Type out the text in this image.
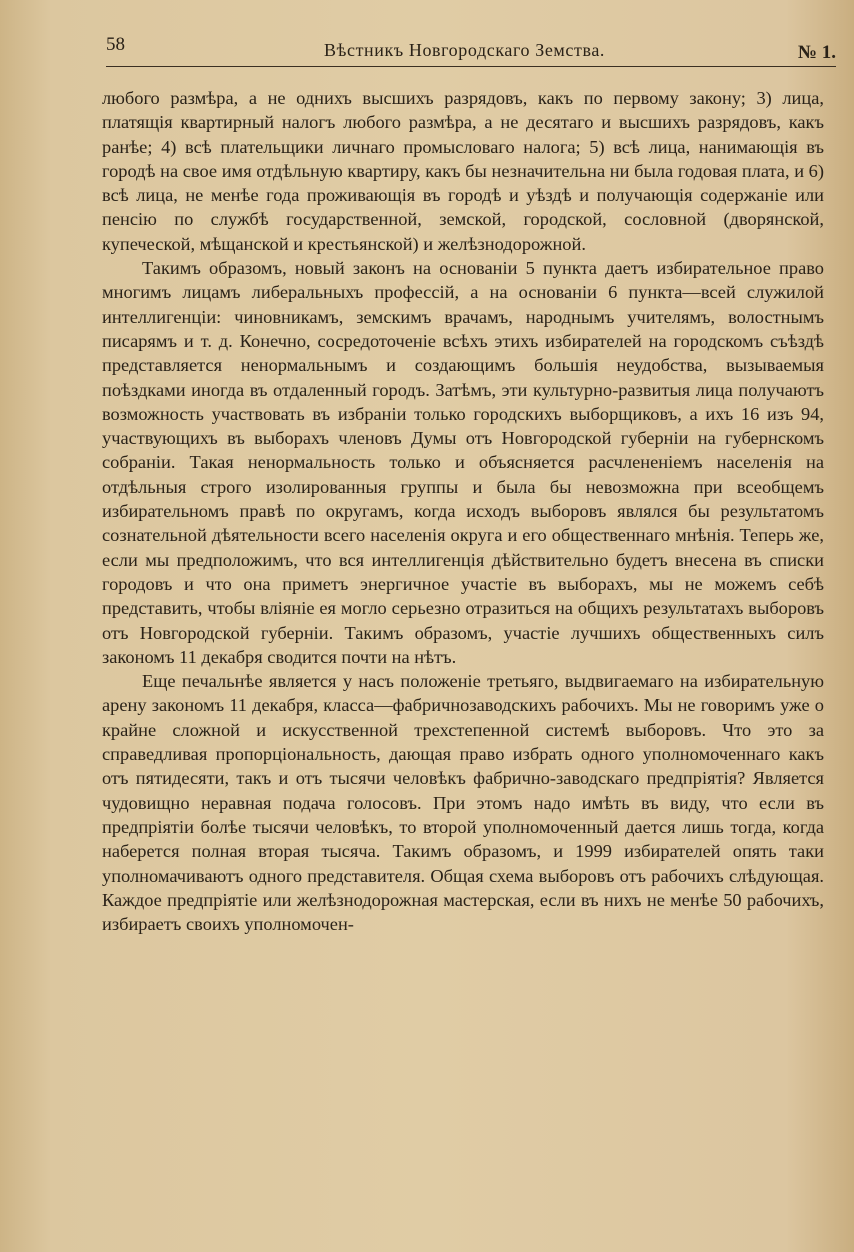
58	Вѣстникъ Новгородскаго Земства.	№ 1.

любого размѣра, а не однихъ высшихъ разрядовъ, какъ по первому закону; 3) лица, платящія квартирный налогъ любого размѣра, а не десятаго и высшихъ разрядовъ, какъ ранѣе; 4) всѣ плательщики личнаго промысловаго налога; 5) всѣ лица, нанимающія въ городѣ на свое имя отдѣльную квартиру, какъ бы незначительна ни была годовая плата, и 6) всѣ лица, не менѣе года проживающія въ городѣ и уѣздѣ и получающія содержаніе или пенсію по службѣ государственной, земской, городской, сословной (дворянской, купеческой, мѣщанской и крестьянской) и желѣзнодорожной.

Такимъ образомъ, новый законъ на основаніи 5 пункта даетъ избирательное право многимъ лицамъ либеральныхъ профессій, а на основаніи 6 пункта—всей служилой интеллигенціи: чиновникамъ, земскимъ врачамъ, народнымъ учителямъ, волостнымъ писарямъ и т. д. Конечно, сосредоточеніе всѣхъ этихъ избирателей на городскомъ съѣздѣ представляется ненормальнымъ и создающимъ большія неудобства, вызываемыя поѣздками иногда въ отдаленный городъ. Затѣмъ, эти культурно-развитыя лица получаютъ возможность участвовать въ избраніи только городскихъ выборщиковъ, а ихъ 16 изъ 94, участвующихъ въ выборахъ членовъ Думы отъ Новгородской губерніи на губернскомъ собраніи. Такая ненормальность только и объясняется расчлененіемъ населенія на отдѣльныя строго изолированныя группы и была бы невозможна при всеобщемъ избирательномъ правѣ по округамъ, когда исходъ выборовъ являлся бы результатомъ сознательной дѣятельности всего населенія округа и его общественнаго мнѣнія. Теперь же, если мы предположимъ, что вся интеллигенція дѣйствительно будетъ внесена въ списки городовъ и что она приметъ энергичное участіе въ выборахъ, мы не можемъ себѣ представить, чтобы вліяніе ея могло серьезно отразиться на общихъ результатахъ выборовъ отъ Новгородской губерніи. Такимъ образомъ, участіе лучшихъ общественныхъ силъ закономъ 11 декабря сводится почти на нѣтъ.

Еще печальнѣе является у насъ положеніе третьяго, выдвигаемаго на избирательную арену закономъ 11 декабря, класса—фабричнозаводскихъ рабочихъ. Мы не говоримъ уже о крайне сложной и искусственной трехстепенной системѣ выборовъ. Что это за справедливая пропорціональность, дающая право избрать одного уполномоченнаго какъ отъ пятидесяти, такъ и отъ тысячи человѣкъ фабрично-заводскаго предпріятія? Является чудовищно неравная подача голосовъ. При этомъ надо имѣть въ виду, что если въ предпріятіи болѣе тысячи человѣкъ, то второй уполномоченный дается лишь тогда, когда наберется полная вторая тысяча. Такимъ образомъ, и 1999 избирателей опять таки уполномачиваютъ одного представителя. Общая схема выборовъ отъ рабочихъ слѣдующая. Каждое предпріятіе или желѣзнодорожная мастерская, если въ нихъ не менѣе 50 рабочихъ, избираетъ своихъ уполномочен-
